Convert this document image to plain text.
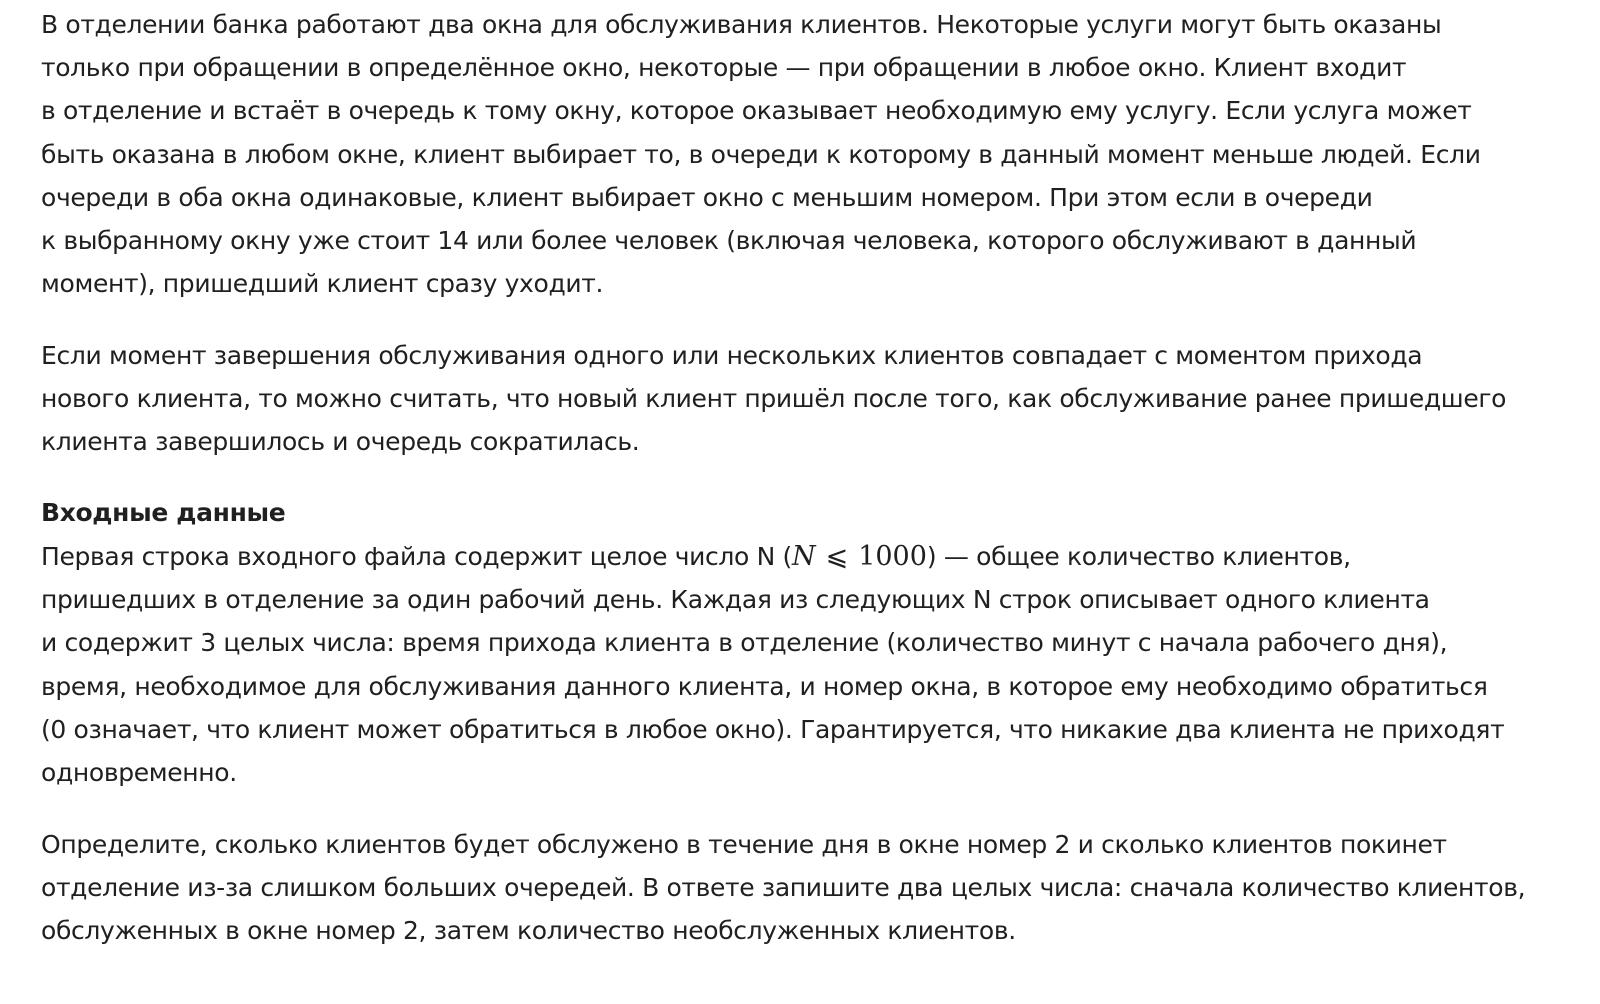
В отделении банка работают два окна для обслуживания клиентов. Некоторые услуги могут быть оказаны
только при обращении в определённое окно, некоторые — при обращении в любое окно. Клиент входит
в отделение и встаёт в очередь к тому окну, которое оказывает необходимую ему услугу. Если услуга может
быть оказана в любом окне, клиент выбирает то, в очереди к которому в данный момент меньше людей. Если
очереди в оба окна одинаковые, клиент выбирает окно с меньшим номером. При этом если в очереди
к выбранному окну уже стоит 14 или более человек (включая человека, которого обслуживают в данный
момент), пришедший клиент сразу уходит.

Если момент завершения обслуживания одного или нескольких клиентов совпадает с моментом прихода
нового клиента, то можно считать, что новый клиент пришёл после того, как обслуживание ранее пришедшего
клиента завершилось и очередь сократилась.

Входные данные

Первая строка входного файла содержит целое число N (N ⩽ 1000) — общее количество клиентов,
пришедших в отделение за один рабочий день. Каждая из следующих N строк описывает одного клиента
и содержит 3 целых числа: время прихода клиента в отделение (количество минут с начала рабочего дня),
время, необходимое для обслуживания данного клиента, и номер окна, в которое ему необходимо обратиться
(0 означает, что клиент может обратиться в любое окно). Гарантируется, что никакие два клиента не приходят
одновременно.

Определите, сколько клиентов будет обслужено в течение дня в окне номер 2 и сколько клиентов покинет
отделение из-за слишком больших очередей. В ответе запишите два целых числа: сначала количество клиентов,
обслуженных в окне номер 2, затем количество необслуженных клиентов.
